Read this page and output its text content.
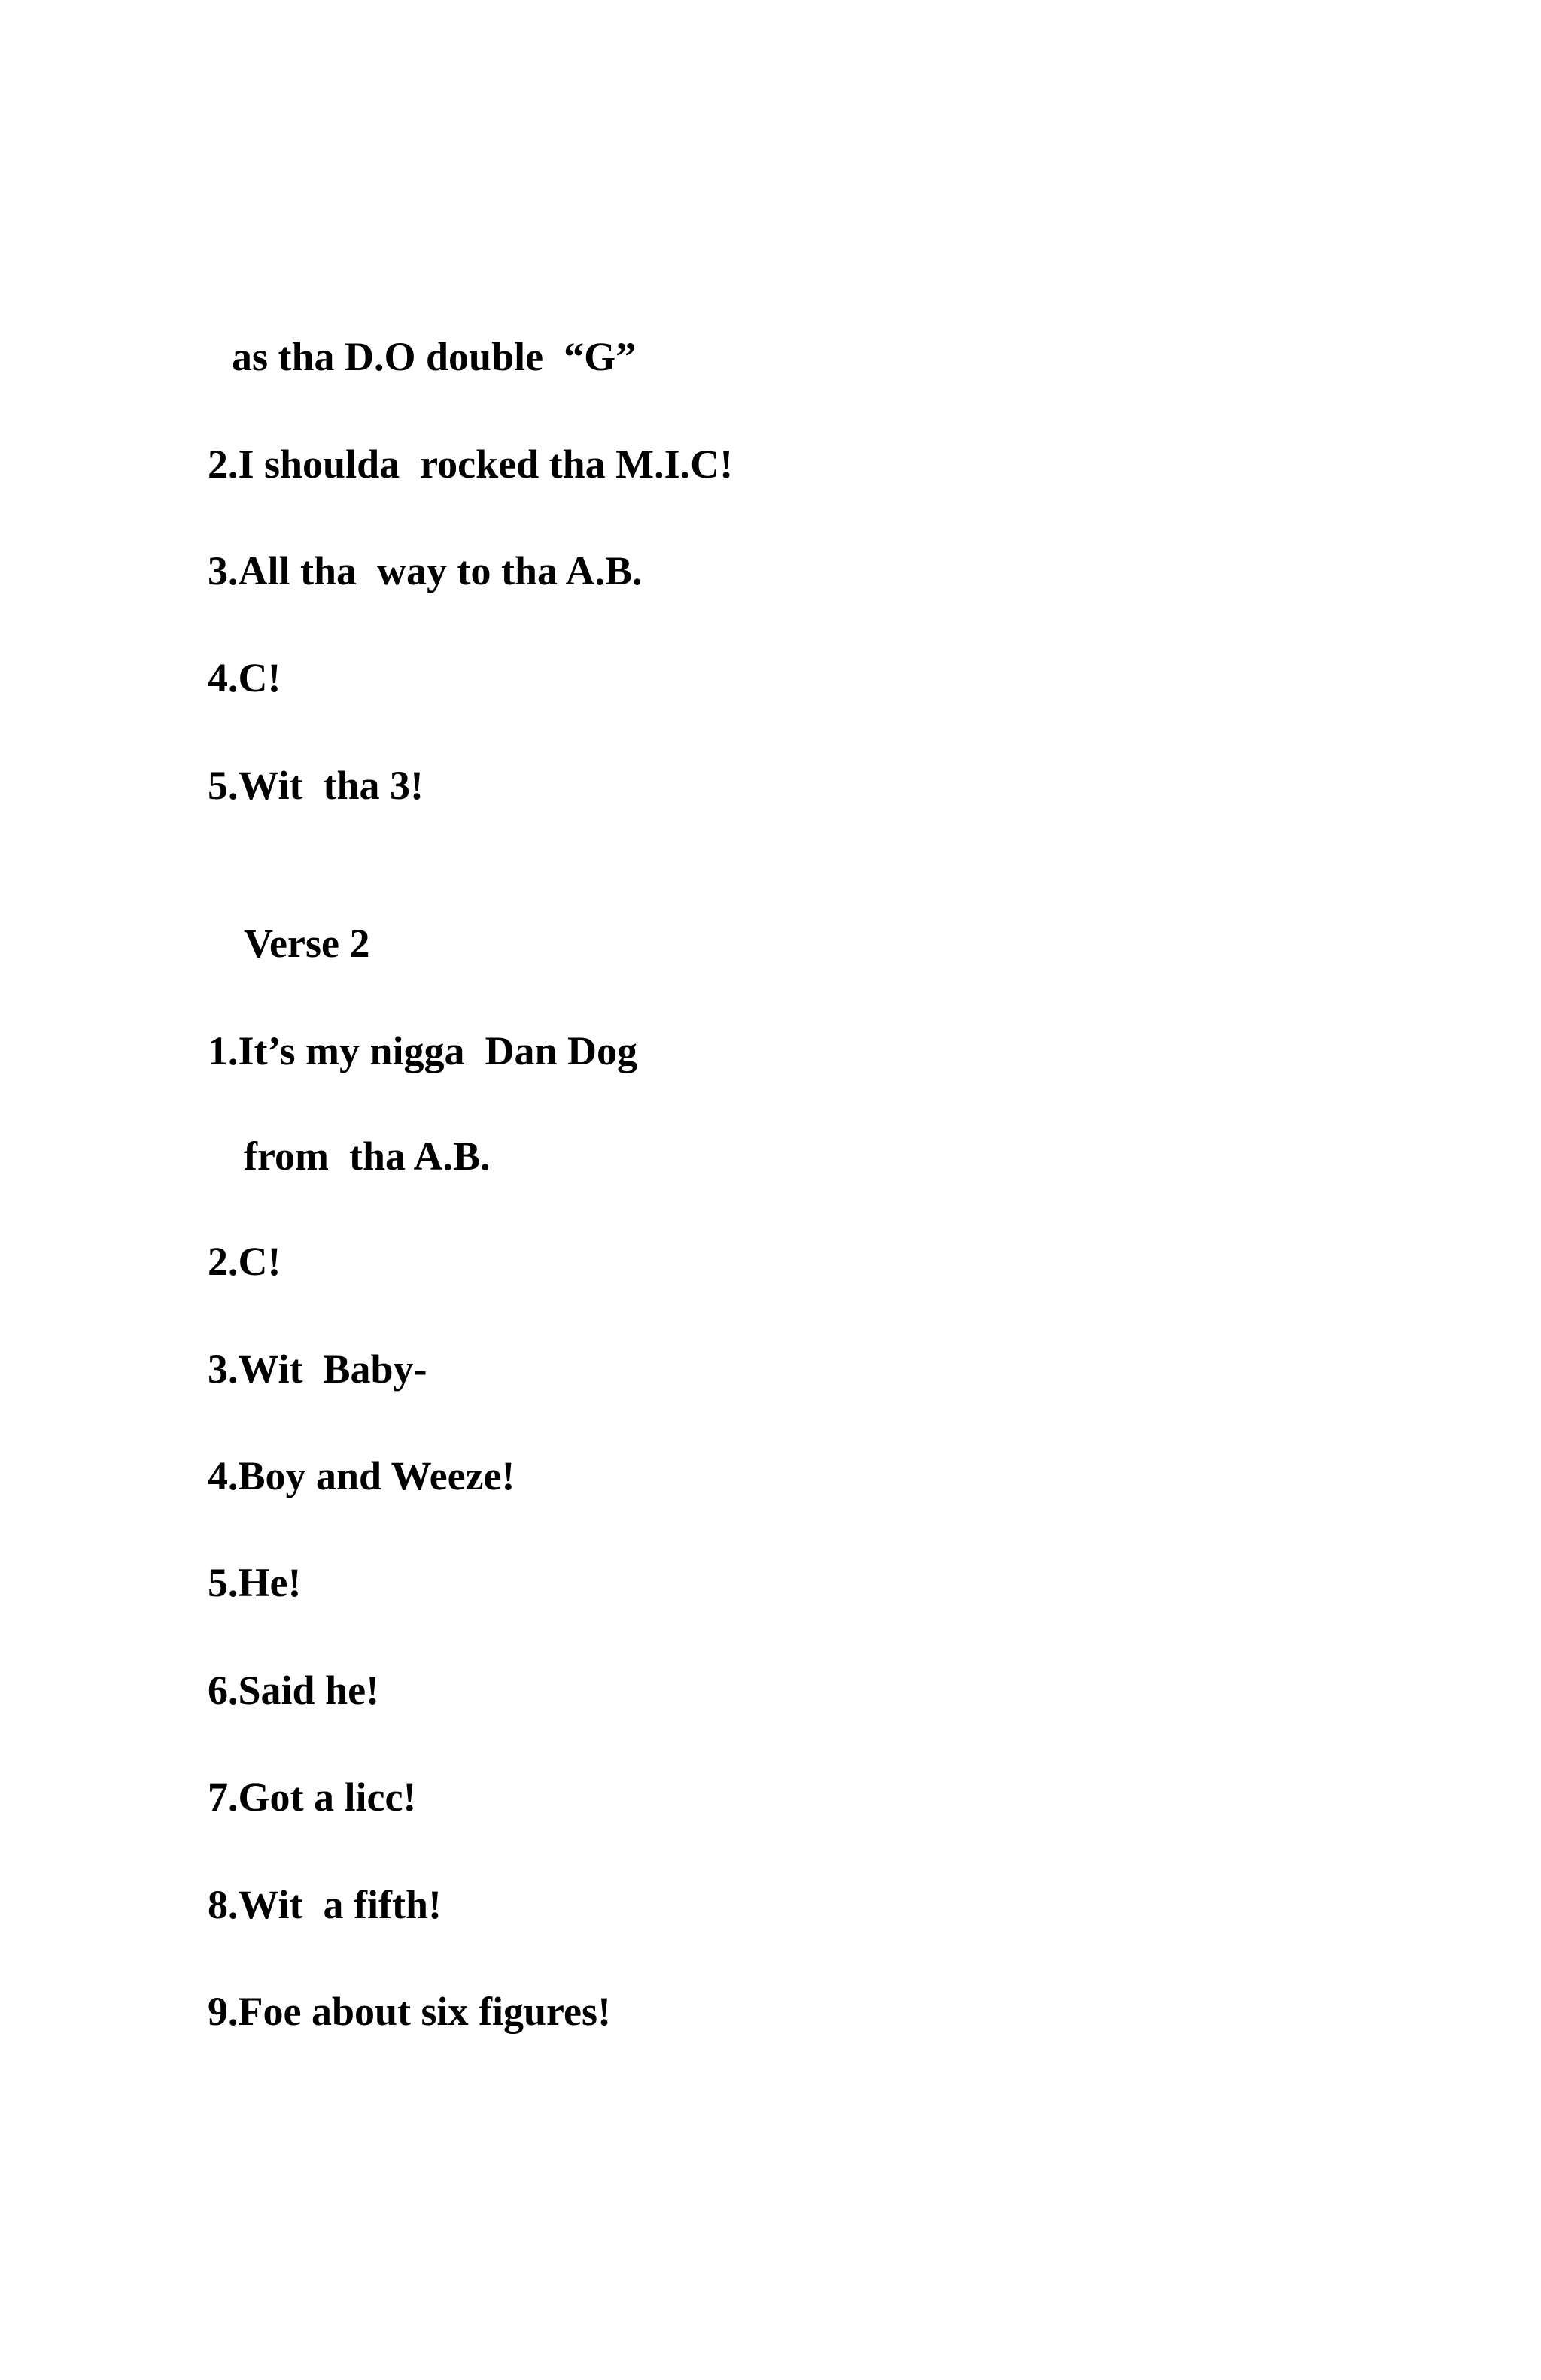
as tha D.O double  “G”
2.I shoulda  rocked tha M.I.C!
3.All tha  way to tha A.B.
4.C!
5.Wit  tha 3!
Verse 2
1.It’s my nigga  Dan Dog
from  tha A.B.
2.C!
3.Wit  Baby-
4.Boy and Weeze!
5.He!
6.Said he!
7.Got a licc!
8.Wit  a fifth!
9.Foe about six figures!
